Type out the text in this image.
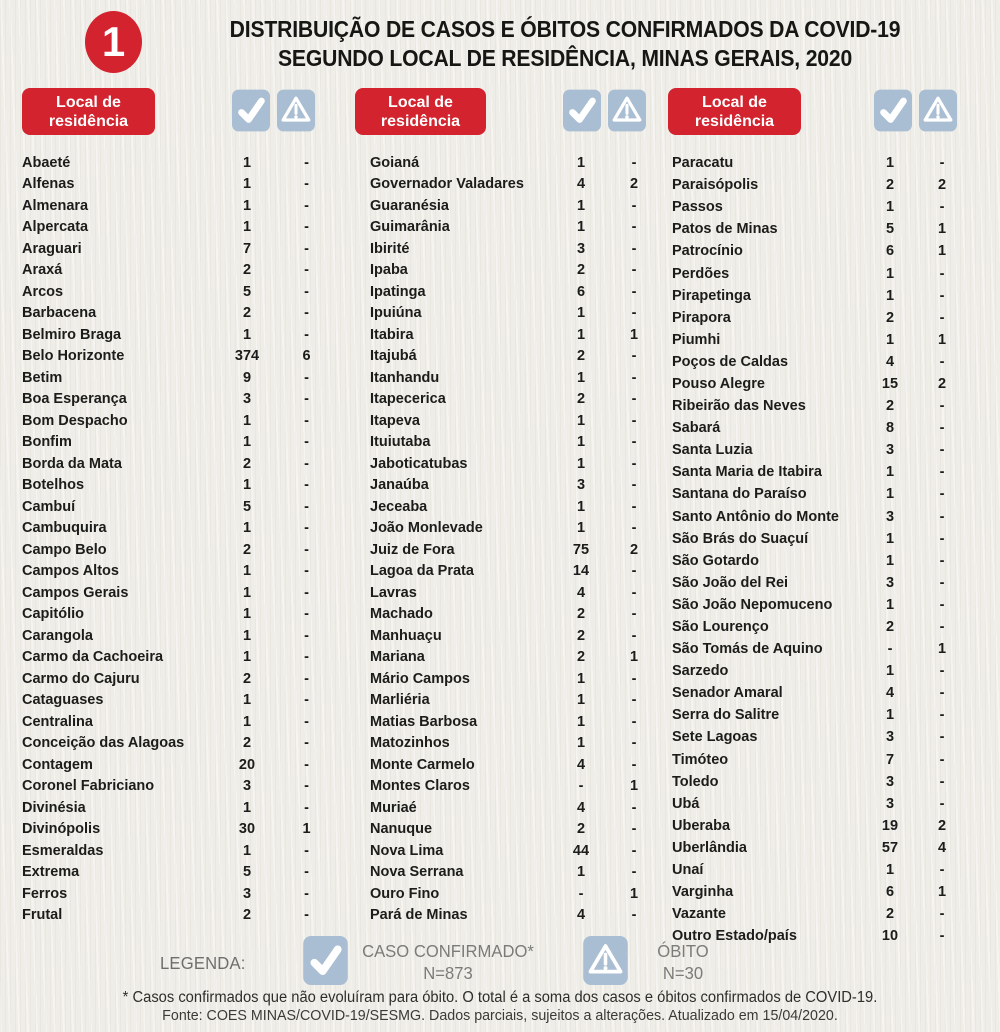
1	DISTRIBUIÇÃO DE CASOS E ÓBITOS CONFIRMADOS DA COVID-19
SEGUNDO LOCAL DE RESIDÊNCIA, MINAS GERAIS, 2020
Local de
residência
Local de
residência
Local de
residência
Abaeté	1	-
Alfenas	1	-
Almenara	1	-
Alpercata	1	-
Araguari	7	-
Araxá	2	-
Arcos	5	-
Barbacena	2	-
Belmiro Braga	1	-
Belo Horizonte	374	6
Betim	9	-
Boa Esperança	3	-
Bom Despacho	1	-
Bonfim	1	-
Borda da Mata	2	-
Botelhos	1	-
Cambuí	5	-
Cambuquira	1	-
Campo Belo	2	-
Campos Altos	1	-
Campos Gerais	1	-
Capitólio	1	-
Carangola	1	-
Carmo da Cachoeira	1	-
Carmo do Cajuru	2	-
Cataguases	1	-
Centralina	1	-
Conceição das Alagoas	2	-
Contagem	20	-
Coronel Fabriciano	3	-
Divinésia	1	-
Divinópolis	30	1
Esmeraldas	1	-
Extrema	5	-
Ferros	3	-
Frutal	2	-
Goianá	1	-
Governador Valadares	4	2
Guaranésia	1	-
Guimarânia	1	-
Ibirité	3	-
Ipaba	2	-
Ipatinga	6	-
Ipuiúna	1	-
Itabira	1	1
Itajubá	2	-
Itanhandu	1	-
Itapecerica	2	-
Itapeva	1	-
Ituiutaba	1	-
Jaboticatubas	1	-
Janaúba	3	-
Jeceaba	1	-
João Monlevade	1	-
Juiz de Fora	75	2
Lagoa da Prata	14	-
Lavras	4	-
Machado	2	-
Manhuaçu	2	-
Mariana	2	1
Mário Campos	1	-
Marliéria	1	-
Matias Barbosa	1	-
Matozinhos	1	-
Monte Carmelo	4	-
Montes Claros	-	1
Muriaé	4	-
Nanuque	2	-
Nova Lima	44	-
Nova Serrana	1	-
Ouro Fino	-	1
Pará de Minas	4	-
Paracatu	1	-
Paraisópolis	2	2
Passos	1	-
Patos de Minas	5	1
Patrocínio	6	1
Perdões	1	-
Pirapetinga	1	-
Pirapora	2	-
Piumhi	1	1
Poços de Caldas	4	-
Pouso Alegre	15	2
Ribeirão das Neves	2	-
Sabará	8	-
Santa Luzia	3	-
Santa Maria de Itabira	1	-
Santana do Paraíso	1	-
Santo Antônio do Monte	3	-
São Brás do Suaçuí	1	-
São Gotardo	1	-
São João del Rei	3	-
São João Nepomuceno	1	-
São Lourenço	2	-
São Tomás de Aquino	-	1
Sarzedo	1	-
Senador Amaral	4	-
Serra do Salitre	1	-
Sete Lagoas	3	-
Timóteo	7	-
Toledo	3	-
Ubá	3	-
Uberaba	19	2
Uberlândia	57	4
Unaí	1	-
Varginha	6	1
Vazante	2	-
Outro Estado/país	10	-
LEGENDA:
CASO CONFIRMADO*
N=873
ÓBITO
N=30
* Casos confirmados que não evoluíram para óbito. O total é a soma dos casos e óbitos confirmados de COVID-19.
Fonte: COES MINAS/COVID-19/SESMG. Dados parciais, sujeitos a alterações. Atualizado em 15/04/2020.
